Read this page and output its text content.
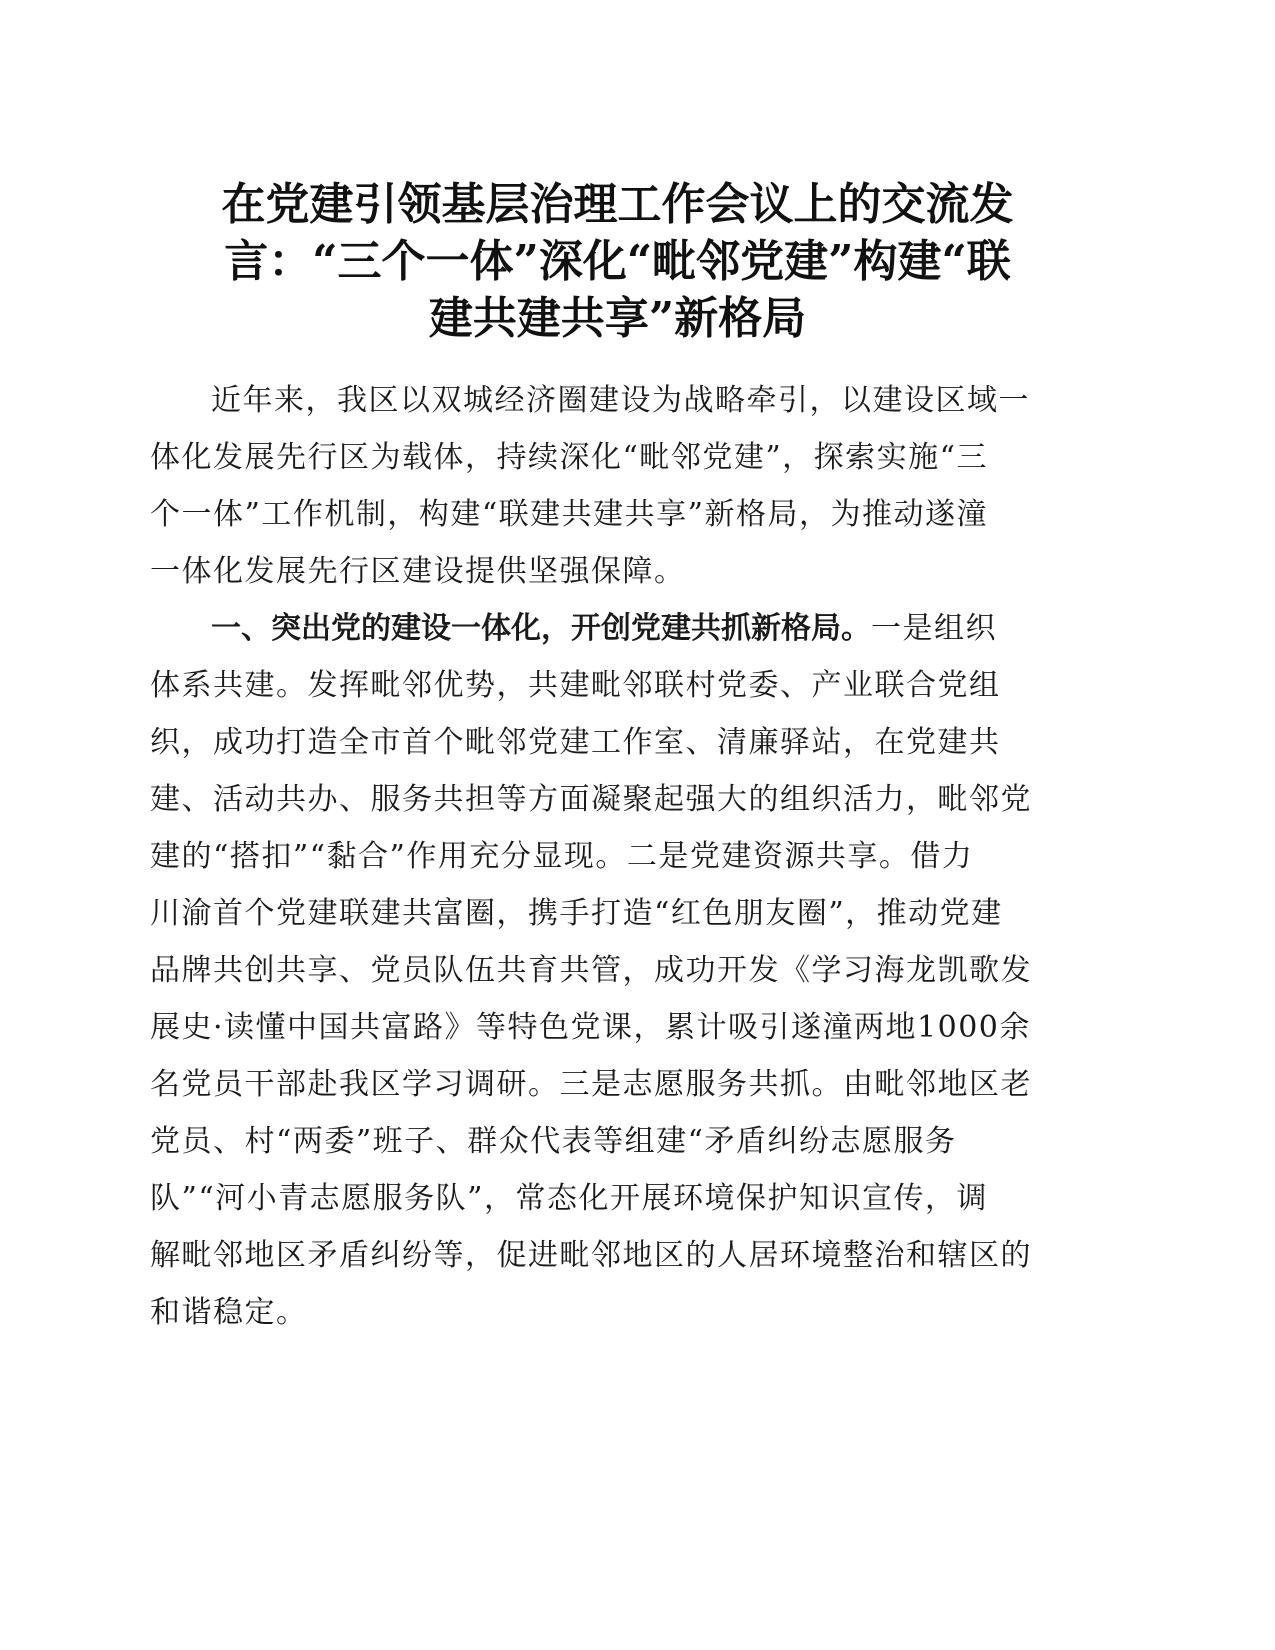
在党建引领基层治理工作会议上的交流发
言：“三个一体”深化“毗邻党建”构建“联
建共建共享”新格局

近年来，我区以双城经济圈建设为战略牵引，以建设区域一
体化发展先行区为载体，持续深化“毗邻党建”，探索实施“三
个一体”工作机制，构建“联建共建共享”新格局，为推动遂潼
一体化发展先行区建设提供坚强保障。

一、突出党的建设一体化，开创党建共抓新格局。一是组织
体系共建。发挥毗邻优势，共建毗邻联村党委、产业联合党组
织，成功打造全市首个毗邻党建工作室、清廉驿站，在党建共
建、活动共办、服务共担等方面凝聚起强大的组织活力，毗邻党
建的“搭扣”“黏合”作用充分显现。二是党建资源共享。借力
川渝首个党建联建共富圈，携手打造“红色朋友圈”，推动党建
品牌共创共享、党员队伍共育共管，成功开发《学习海龙凯歌发
展史·读懂中国共富路》等特色党课，累计吸引遂潼两地1000余
名党员干部赴我区学习调研。三是志愿服务共抓。由毗邻地区老
党员、村“两委”班子、群众代表等组建“矛盾纠纷志愿服务
队”“河小青志愿服务队”，常态化开展环境保护知识宣传，调
解毗邻地区矛盾纠纷等，促进毗邻地区的人居环境整治和辖区的
和谐稳定。
